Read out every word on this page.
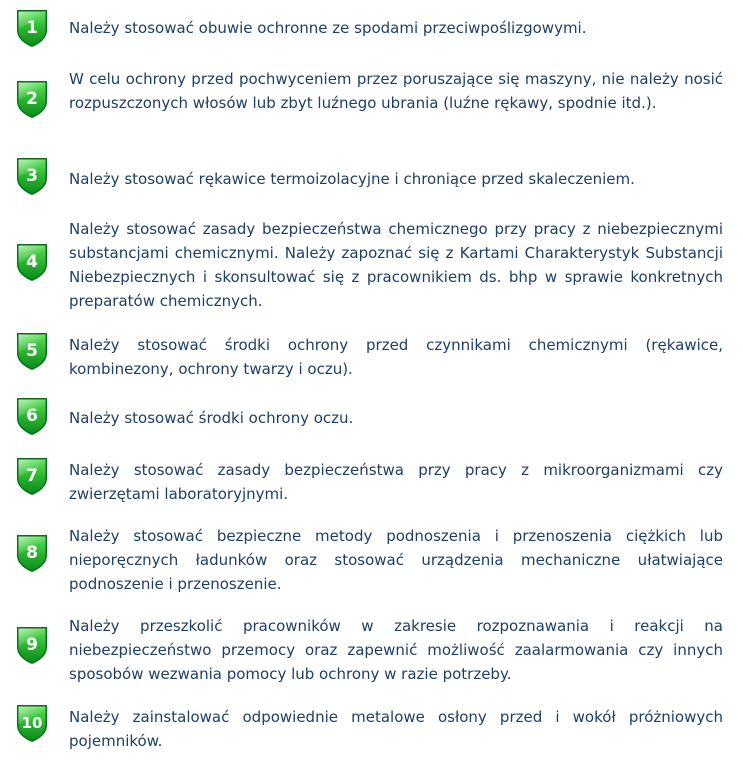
1 Należy stosować obuwie ochronne ze spodami przeciwpoślizgowymi.
2
W celu ochrony przed pochwyceniem przez poruszające się maszyny, nie należy nosić rozpuszczonych włosów lub zbyt luźnego ubrania (luźne rękawy, spodnie itd.).
3 Należy stosować rękawice termoizolacyjne i chroniące przed skaleczeniem.
4
Należy stosować zasady bezpieczeństwa chemicznego przy pracy z niebezpiecznymi substancjami chemicznymi. Należy zapoznać się z Kartami Charakterystyk Substancji Niebezpiecznych i skonsultować się z pracownikiem ds. bhp w sprawie konkretnych preparatów chemicznych.
5 Należy stosować środki ochrony przed czynnikami chemicznymi (rękawice, kombinezony, ochrony twarzy i oczu).
6 Należy stosować środki ochrony oczu.
7 Należy stosować zasady bezpieczeństwa przy pracy z mikroorganizmami czy zwierzętami laboratoryjnymi.
8
Należy stosować bezpieczne metody podnoszenia i przenoszenia ciężkich lub nieporęcznych ładunków oraz stosować urządzenia mechaniczne ułatwiające podnoszenie i przenoszenie.
9
Należy przeszkolić pracowników w zakresie rozpoznawania i reakcji na niebezpieczeństwo przemocy oraz zapewnić możliwość zaalarmowania czy innych sposobów wezwania pomocy lub ochrony w razie potrzeby.
10 Należy zainstalować odpowiednie metalowe osłony przed i wokół próżniowych pojemników.
